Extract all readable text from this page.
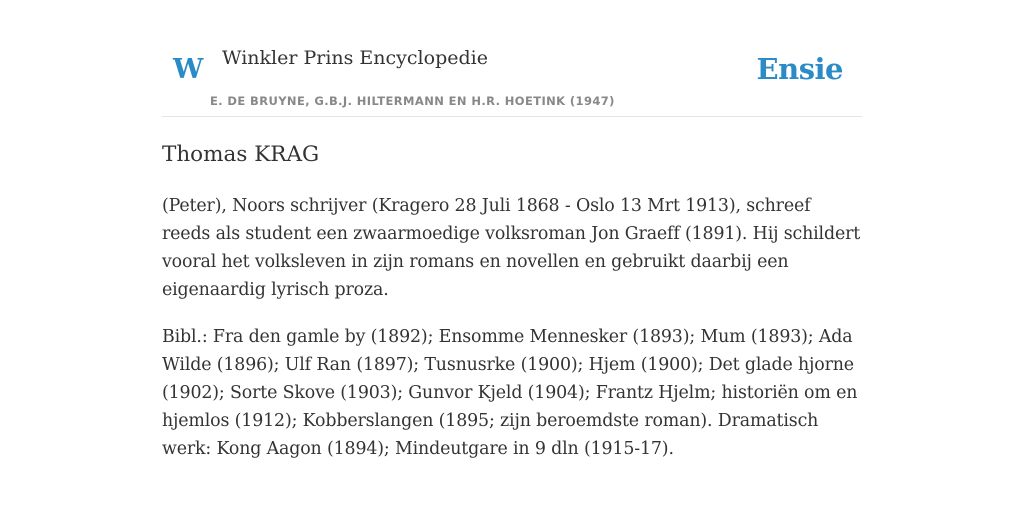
W Winkler Prins Encyclopedie
E. DE BRUYNE, G.B.J. HILTERMANN EN H.R. HOETINK (1947)
Ensie
Thomas KRAG

(Peter), Noors schrijver (Kragero 28 Juli 1868 - Oslo 13 Mrt 1913), schreef reeds als student een zwaarmoedige volksroman Jon Graeff (1891). Hij schildert vooral het volksleven in zijn romans en novellen en gebruikt daarbij een eigenaardig lyrisch proza.

Bibl.: Fra den gamle by (1892); Ensomme Mennesker (1893); Mum (1893); Ada Wilde (1896); Ulf Ran (1897); Tusnusrke (1900); Hjem (1900); Det glade hjorne (1902); Sorte Skove (1903); Gunvor Kjeld (1904); Frantz Hjelm; historiën om en hjemlos (1912); Kobberslangen (1895; zijn beroemdste roman). Dramatisch werk: Kong Aagon (1894); Mindeutgare in 9 dln (1915-17).
